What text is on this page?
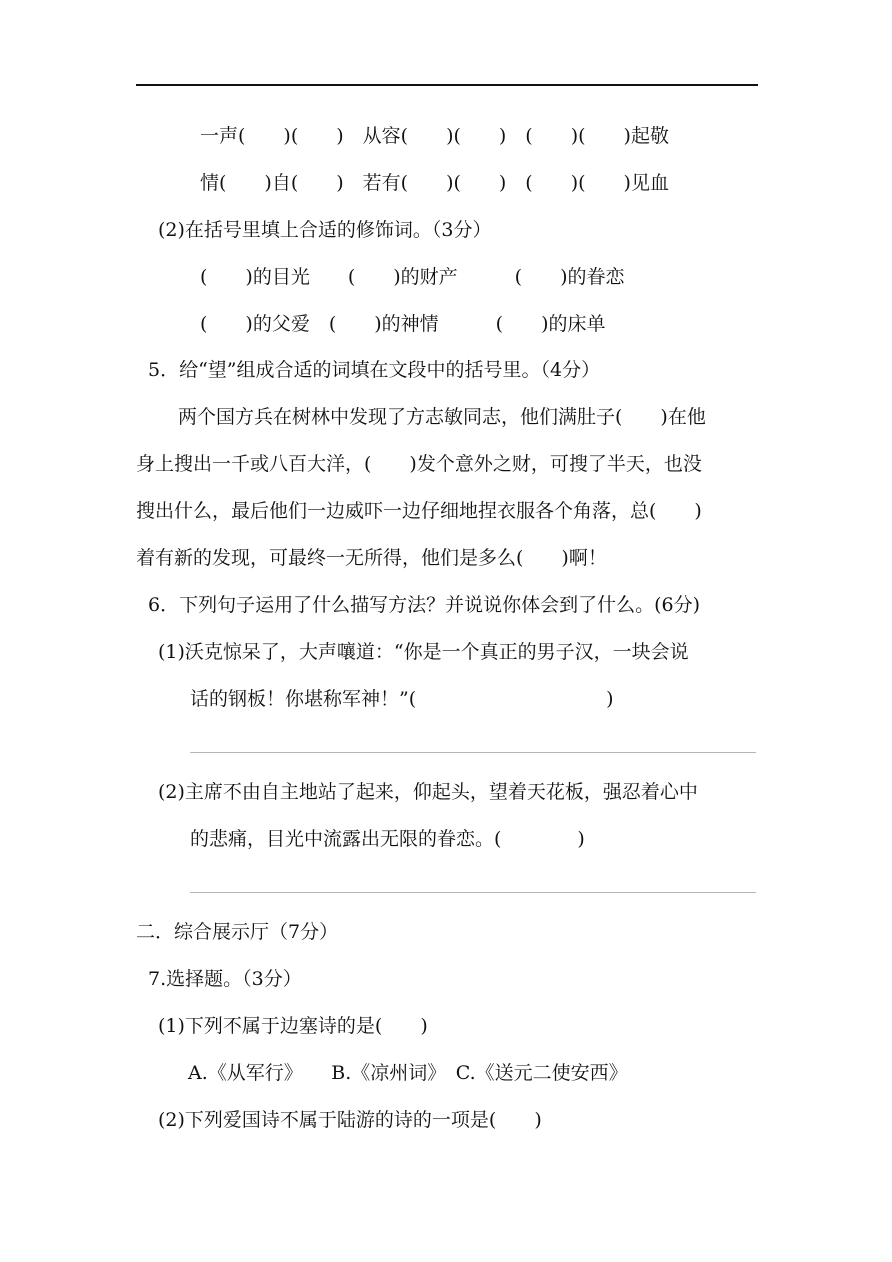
一声(　　)(　　)　从容(　　)(　　)　(　　)(　　)起敬
情(　　)自(　　)　若有(　　)(　　)　(　　)(　　)见血
(2)在括号里填上合适的修饰词。（3分）
(　　)的目光　　(　　)的财产　　　(　　)的眷恋
(　　)的父爱　(　　)的神情　　　(　　)的床单
5．给“望”组成合适的词填在文段中的括号里。（4分）
两个国方兵在树林中发现了方志敏同志，他们满肚子(　　)在他
身上搜出一千或八百大洋，(　　)发个意外之财，可搜了半天，也没
搜出什么，最后他们一边威吓一边仔细地捏衣服各个角落，总(　　)
着有新的发现，可最终一无所得，他们是多么(　　)啊！
6．下列句子运用了什么描写方法？并说说你体会到了什么。(6分)
(1)沃克惊呆了，大声嚷道：“你是一个真正的男子汉，一块会说
话的钢板！你堪称军神！”(　　　　　　　　　　)
(2)主席不由自主地站了起来，仰起头，望着天花板，强忍着心中
的悲痛，目光中流露出无限的眷恋。(　　　　)
二．综合展示厅（7分）
7.选择题。（3分）
(1)下列不属于边塞诗的是(　　)
A.《从军行》　　B.《凉州词》　C.《送元二使安西》
(2)下列爱国诗不属于陆游的诗的一项是(　　)
